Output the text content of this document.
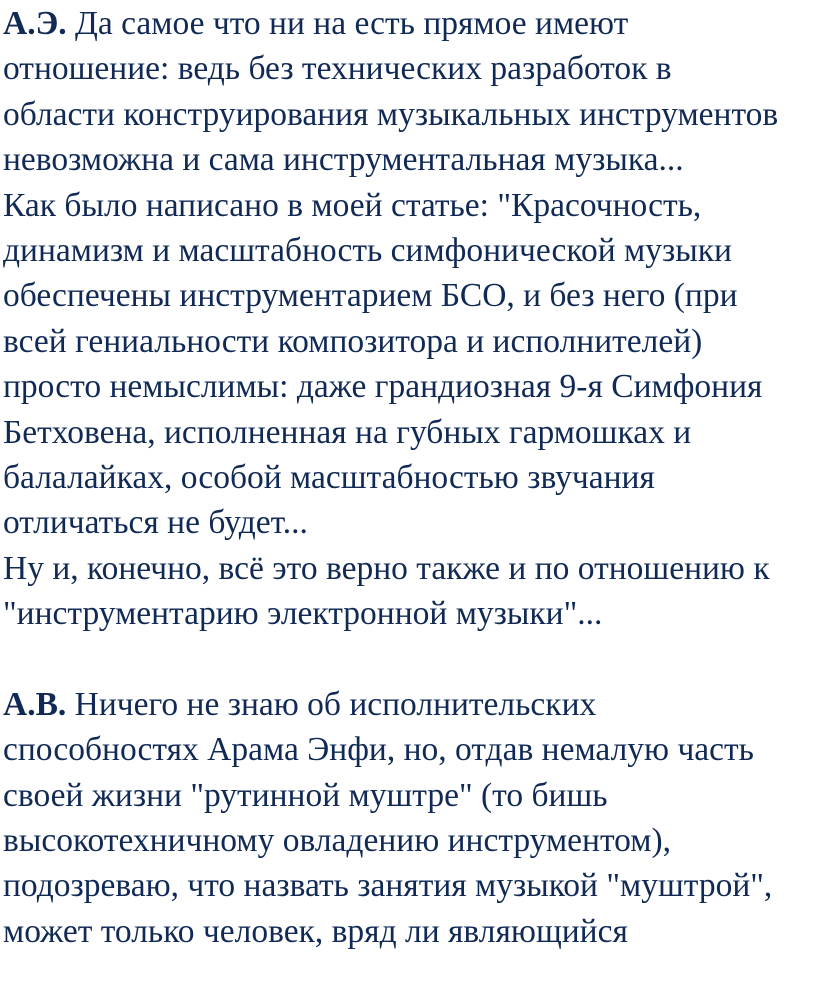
А.Э. Да самое что ни на есть прямое имеют
отношение: ведь без технических разработок в
области конструирования музыкальных инструментов
невозможна и сама инструментальная музыка...
Как было написано в моей статье: "Красочность,
динамизм и масштабность симфонической музыки
обеспечены инструментарием БСО, и без него (при
всей гениальности композитора и исполнителей)
просто немыслимы: даже грандиозная 9-я Симфония
Бетховена, исполненная на губных гармошках и
балалайках, особой масштабностью звучания
отличаться не будет...
Ну и, конечно, всё это верно также и по отношению к
"инструментарию электронной музыки"...
А.В. Ничего не знаю об исполнительских
способностях Арама Энфи, но, отдав немалую часть
своей жизни "рутинной муштре" (то бишь
высокотехничному овладению инструментом),
подозреваю, что назвать занятия музыкой "муштрой",
может только человек, вряд ли являющийся
